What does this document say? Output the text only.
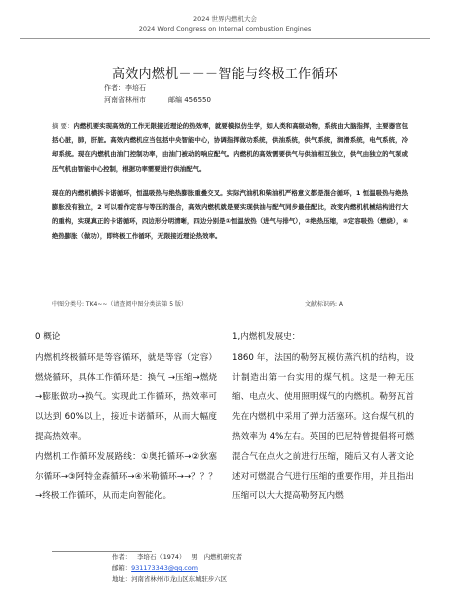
2024 世界内燃机大会
2024 Word Congress on Internal combustion Engines
高效内燃机－－－智能与终极工作循环
作者：李培石
河南省林州市	邮编 456550
摘 要：内燃机要实现高效的工作无限接近理论的热效率，就要模拟仿生学，如人类和高级动物，系统由大脑指挥，主要器官包括心脏，肺，肝脏。高效内燃机应当包括中央智能中心，协调指挥做功系统，供油系统，供气系统，润滑系统，电气系统，冷却系统。现在内燃机由油门控制功率，由油门被动的响应配气。内燃机的高效需要供气与供油相互独立，供气由独立的气泵或压气机由智能中心控制，根据功率需要进行供油配气。
现在的内燃机横拆卡诺循环，恒温吸热与绝热膨胀重叠交叉。实际汽油机和柴油机严格意义都是混合循环，1 恒温吸热与绝热膨胀没有独立，2 可以看作定容与等压的混合，高效内燃机就是要实现供油与配气同步最佳配比，改变内燃机机械结构进行大的重构，实现真正的卡诺循环，四边形分明清晰，四边分别是①恒温放热（进气与排气），②绝热压缩，③定容吸热（燃烧），④绝热膨胀（做功），即终极工作循环，无限接近理论热效率。
中图分类号: TK4~~（请查阅中图分类法第 5 版）	文献标识码: A

0 概论

内燃机终极循环是等容循环，就是等容（定容）燃烧循环，具体工作循环是：换气 →压缩→燃烧→膨胀做功→换气。实现此工作循环，热效率可以达到 60%以上，接近卡诺循环，从而大幅度提高热效率。

内燃机工作循环发展路线：①奥托循环→②狄塞尔循环→③阿特金森循环→④米勒循环→→？？？→终极工作循环，从而走向智能化。

1,内燃机发展史：

1860 年，法国的勒努瓦模仿蒸汽机的结构，设计制造出第一台实用的煤气机。这是一种无压缩、电点火、使用照明煤气的内燃机。勒努瓦首先在内燃机中采用了弹力活塞环。这台煤气机的热效率为 4%左右。英国的巴尼特曾提倡将可燃混合气在点火之前进行压缩，随后又有人著文论述对可燃混合气进行压缩的重要作用，并且指出压缩可以大大提高勒努瓦内燃

作者： 李培石（1974） 男 内燃机研究者
邮箱：931173343@qq.com
地址：河南省林州市龙山区东城驻步六区
